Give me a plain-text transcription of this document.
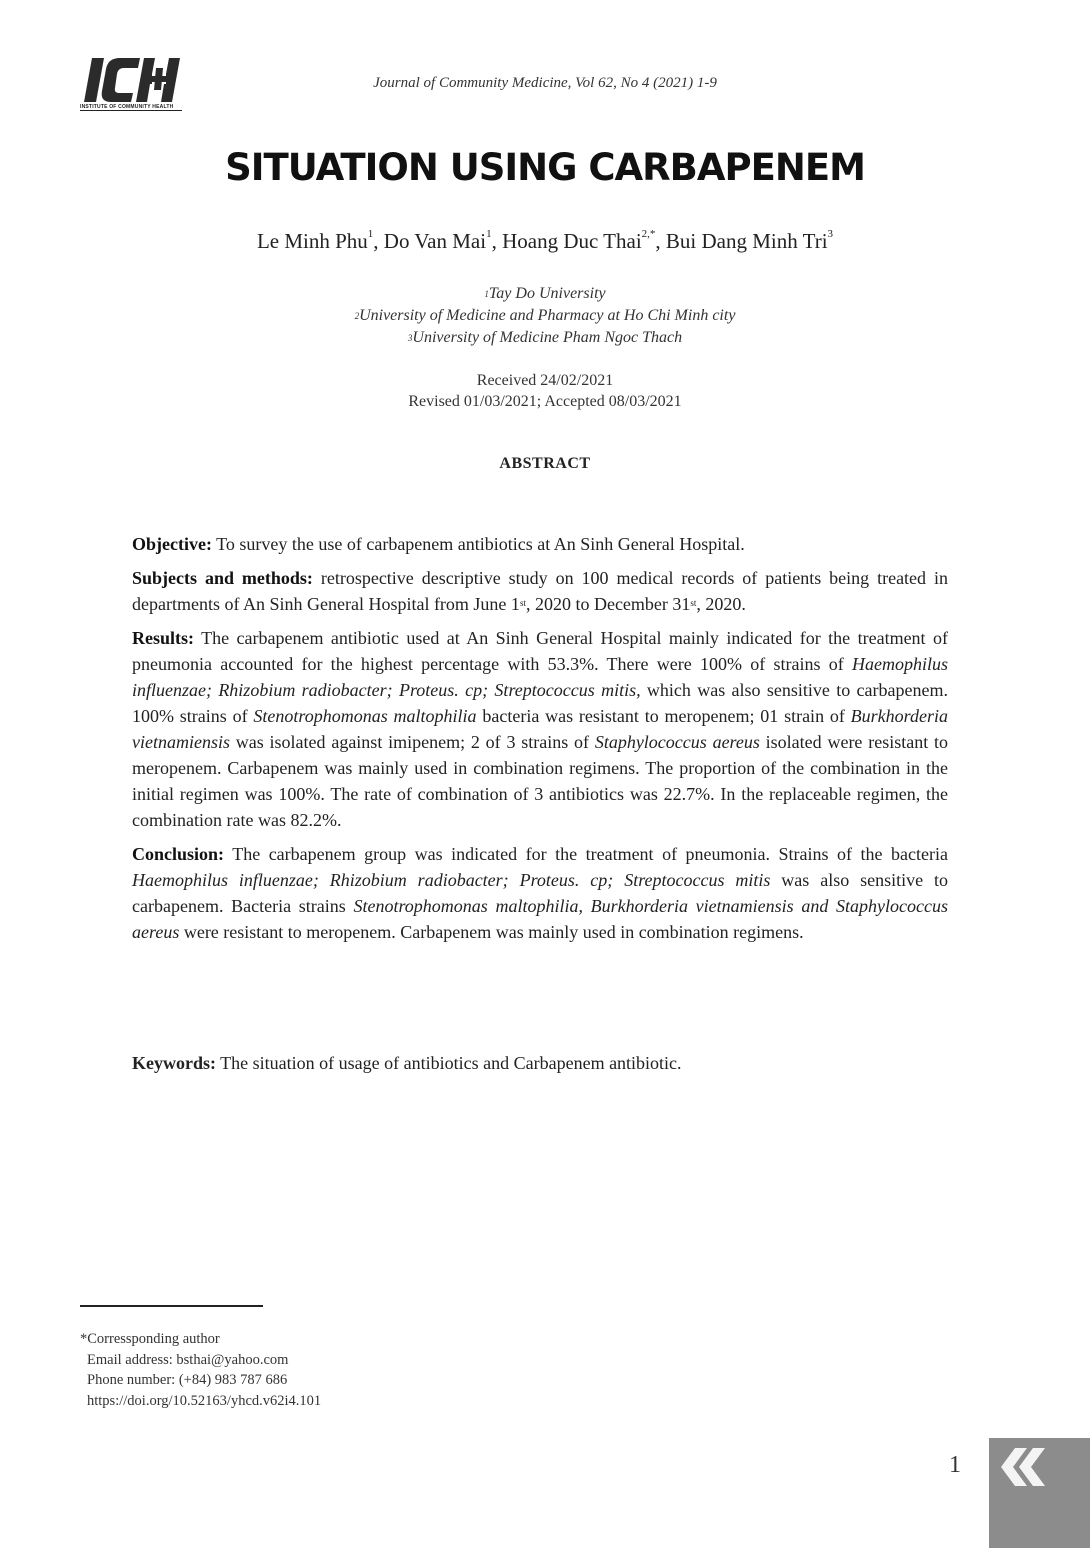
ICH
INSTITUTE OF COMMUNITY HEALTH
Journal of Community Medicine, Vol 62, No 4 (2021) 1-9
SITUATION USING CARBAPENEM
Le Minh Phu$^1$, Do Van Mai$^1$, Hoang Duc Thai$^{2,*}$, Bui Dang Minh Tri$^3$
$^1$Tay Do University
$^2$University of Medicine and Pharmacy at Ho Chi Minh city
$^3$University of Medicine Pham Ngoc Thach
Received 24/02/2021
Revised 01/03/2021; Accepted 08/03/2021
ABSTRACT

Objective: To survey the use of carbapenem antibiotics at An Sinh General Hospital.

Subjects and methods: retrospective descriptive study on 100 medical records of patients being treated in departments of An Sinh General Hospital from June 1st, 2020 to December 31st, 2020.

Results: The carbapenem antibiotic used at An Sinh General Hospital mainly indicated for the treatment of pneumonia accounted for the highest percentage with 53.3%. There were 100% of strains of Haemophilus influenzae; Rhizobium radiobacter; Proteus. cp; Streptococcus mitis, which was also sensitive to carbapenem. 100% strains of Stenotrophomonas maltophilia bacteria was resistant to meropenem; 01 strain of Burkhorderia vietnamiensis was isolated against imipenem; 2 of 3 strains of Staphylococcus aereus isolated were resistant to meropenem. Carbapenem was mainly used in combination regimens. The proportion of the combination in the initial regimen was 100%. The rate of combination of 3 antibiotics was 22.7%. In the replaceable regimen, the combination rate was 82.2%.

Conclusion: The carbapenem group was indicated for the treatment of pneumonia. Strains of the bacteria Haemophilus influenzae; Rhizobium radiobacter; Proteus. cp; Streptococcus mitis was also sensitive to carbapenem. Bacteria strains Stenotrophomonas maltophilia, Burkhorderia vietnamiensis and Staphylococcus aereus were resistant to meropenem. Carbapenem was mainly used in combination regimens.

Keywords: The situation of usage of antibiotics and Carbapenem antibiotic.
*Corressponding author
Email address: bsthai@yahoo.com
Phone number: (+84) 983 787 686
https://doi.org/10.52163/yhcd.v62i4.101
1
